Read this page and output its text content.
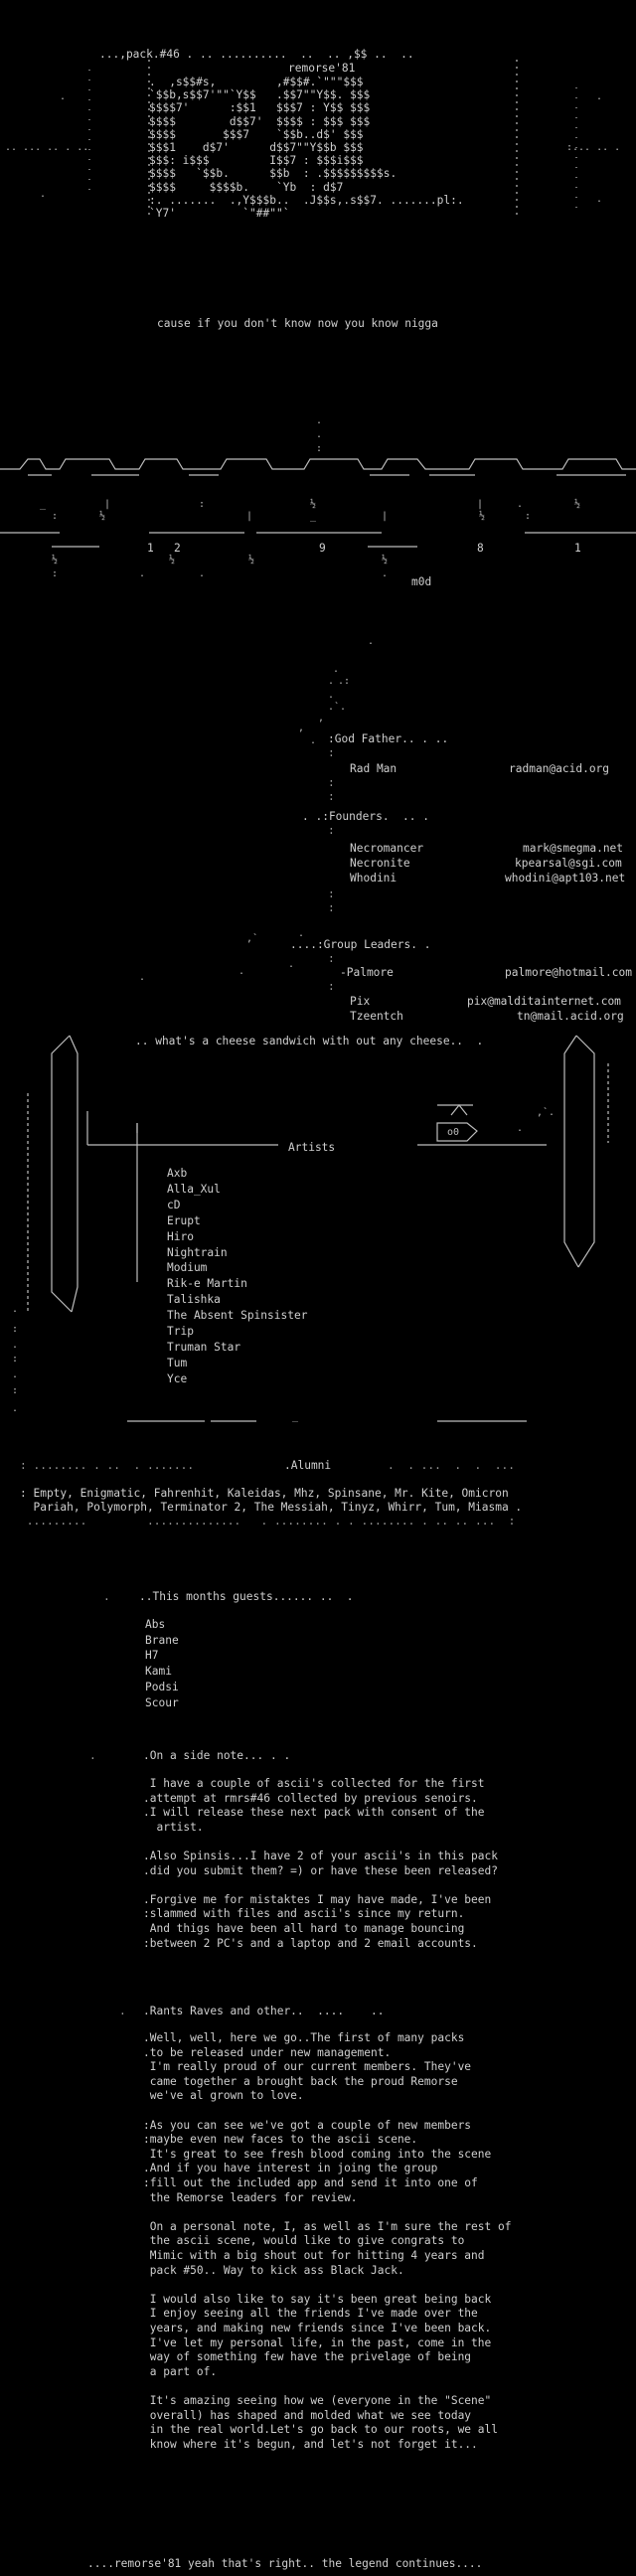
...,pack.#46 . .. ..........  ..  .. ,$$ ..  ..
remorse'81
.. ... .. . ..	:... .. .
.	.
.	.
.  ,s$$#s,         ,#$$#.`"""$$$
`$$b,s$$7'""`Y$$   .$$7""Y$$. $$$
$$$$7'      :$$1   $$$7 : Y$$ $$$
$$$$        d$$7'  $$$$ : $$$ $$$
$$$$       $$$7    `$$b..d$' $$$
$$$1    d$7'      d$$7""Y$$b $$$
$$$: i$$$         I$$7 : $$$i$$$
$$$$   `$$b.      $$b  : .$$$$$$$$$s.
$$$$     $$$$b.    `Yb  : d$7
:. .......  .,Y$$$b..  .J$$s,.s$$7. .......pl:.
`Y7'          `"##""`
cause if you don't know now you know nigga
.
.
:
_	|	:	½	|	.	½
:	½	|	_	|	½	:
½	½	½	½
:	.	.	.
1 2	9	8	1
m0d
.
.
.
.
.:
.`.
,
,
.
.
.
,`
.
.
:God Father.. . ..
:
Rad Man	radman@acid.org
:
:
. .:Founders.  .. .
:
Necromancer	mark@smegma.net
Necronite	kpearsal@sgi.com
Whodini	whodini@apt103.net
:
:
....:Group Leaders. .
:
-Palmore	palmore@hotmail.com
:
Pix	pix@malditainternet.com
Tzeentch	tn@mail.acid.org
.. what's a cheese sandwich with out any cheese..  .
o0	.
,`.
.
:
.
:
.
:
.
_
Artists
Axb
Alla_Xul
cD
Erupt
Hiro
Nightrain
Modium
Rik-e Martin
Talishka
The Absent Spinsister
Trip
Truman Star
Tum
Yce
: ........ . ..  . .......	.Alumni	.  . ...  .  .  ...
: Empty, Enigmatic, Fahrenhit, Kaleidas, Mhz, Spinsane, Mr. Kite, Omicron
Pariah, Polymorph, Terminator 2, The Messiah, Tinyz, Whirr, Tum, Miasma .
.........         ..............   . ........ . . ........ . .. .. ...  :
.	..This months guests...... ..  .
Abs
Brane
H7
Kami
Podsi
Scour
.	.On a side note... . .
I have a couple of ascii's collected for the first
.attempt at rmrs#46 collected by previous senoirs.
.I will release these next pack with consent of the
artist.
.Also Spinsis...I have 2 of your ascii's in this pack
.did you submit them? =) or have these been released?
.Forgive me for mistaktes I may have made, I've been
:slammed with files and ascii's since my return.
And thigs have been all hard to manage bouncing
:between 2 PC's and a laptop and 2 email accounts.
. .Rants Raves and other..  ....    ..
.Well, well, here we go..The first of many packs
.to be released under new management.
I'm really proud of our current members. They've
came together a brought back the proud Remorse
we've al grown to love.
:As you can see we've got a couple of new members
:maybe even new faces to the ascii scene.
It's great to see fresh blood coming into the scene
.And if you have interest in joing the group
:fill out the included app and send it into one of
the Remorse leaders for review.
On a personal note, I, as well as I'm sure the rest of
the ascii scene, would like to give congrats to
Mimic with a big shout out for hitting 4 years and
pack #50.. Way to kick ass Black Jack.
I would also like to say it's been great being back
I enjoy seeing all the friends I've made over the
years, and making new friends since I've been back.
I've let my personal life, in the past, come in the
way of something few have the privelage of being
a part of.
It's amazing seeing how we (everyone in the "Scene"
overall) has shaped and molded what we see today
in the real world.Let's go back to our roots, we all
know where it's begun, and let's not forget it...
....remorse'81 yeah that's right.. the legend continues....
